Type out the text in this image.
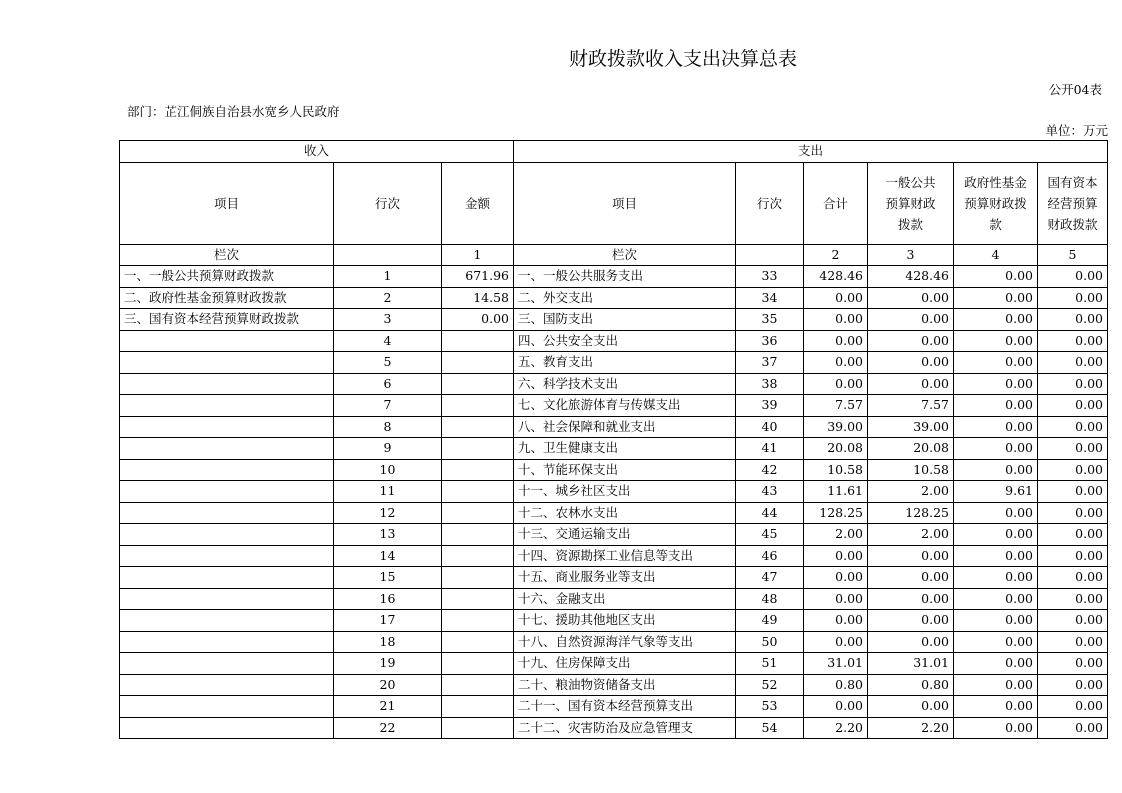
财政拨款收入支出决算总表
公开04表
部门：芷江侗族自治县水宽乡人民政府
单位：万元
收入			支出					
项目	行次	金额	项目	行次	合计	一般公共预算财政拨款	政府性基金预算财政拨款	国有资本经营预算财政拨款
栏次		1	栏次		2	3	4	5
一、一般公共预算财政拨款	1	671.96	一、一般公共服务支出	33	428.46	428.46	0.00	0.00
二、政府性基金预算财政拨款	2	14.58	二、外交支出	34	0.00	0.00	0.00	0.00
三、国有资本经营预算财政拨款	3	0.00	三、国防支出	35	0.00	0.00	0.00	0.00
	4		四、公共安全支出	36	0.00	0.00	0.00	0.00
	5		五、教育支出	37	0.00	0.00	0.00	0.00
	6		六、科学技术支出	38	0.00	0.00	0.00	0.00
	7		七、文化旅游体育与传媒支出	39	7.57	7.57	0.00	0.00
	8		八、社会保障和就业支出	40	39.00	39.00	0.00	0.00
	9		九、卫生健康支出	41	20.08	20.08	0.00	0.00
	10		十、节能环保支出	42	10.58	10.58	0.00	0.00
	11		十一、城乡社区支出	43	11.61	2.00	9.61	0.00
	12		十二、农林水支出	44	128.25	128.25	0.00	0.00
	13		十三、交通运输支出	45	2.00	2.00	0.00	0.00
	14		十四、资源勘探工业信息等支出	46	0.00	0.00	0.00	0.00
	15		十五、商业服务业等支出	47	0.00	0.00	0.00	0.00
	16		十六、金融支出	48	0.00	0.00	0.00	0.00
	17		十七、援助其他地区支出	49	0.00	0.00	0.00	0.00
	18		十八、自然资源海洋气象等支出	50	0.00	0.00	0.00	0.00
	19		十九、住房保障支出	51	31.01	31.01	0.00	0.00
	20		二十、粮油物资储备支出	52	0.80	0.80	0.00	0.00
	21		二十一、国有资本经营预算支出	53	0.00	0.00	0.00	0.00
	22		二十二、灾害防治及应急管理支	54	2.20	2.20	0.00	0.00
